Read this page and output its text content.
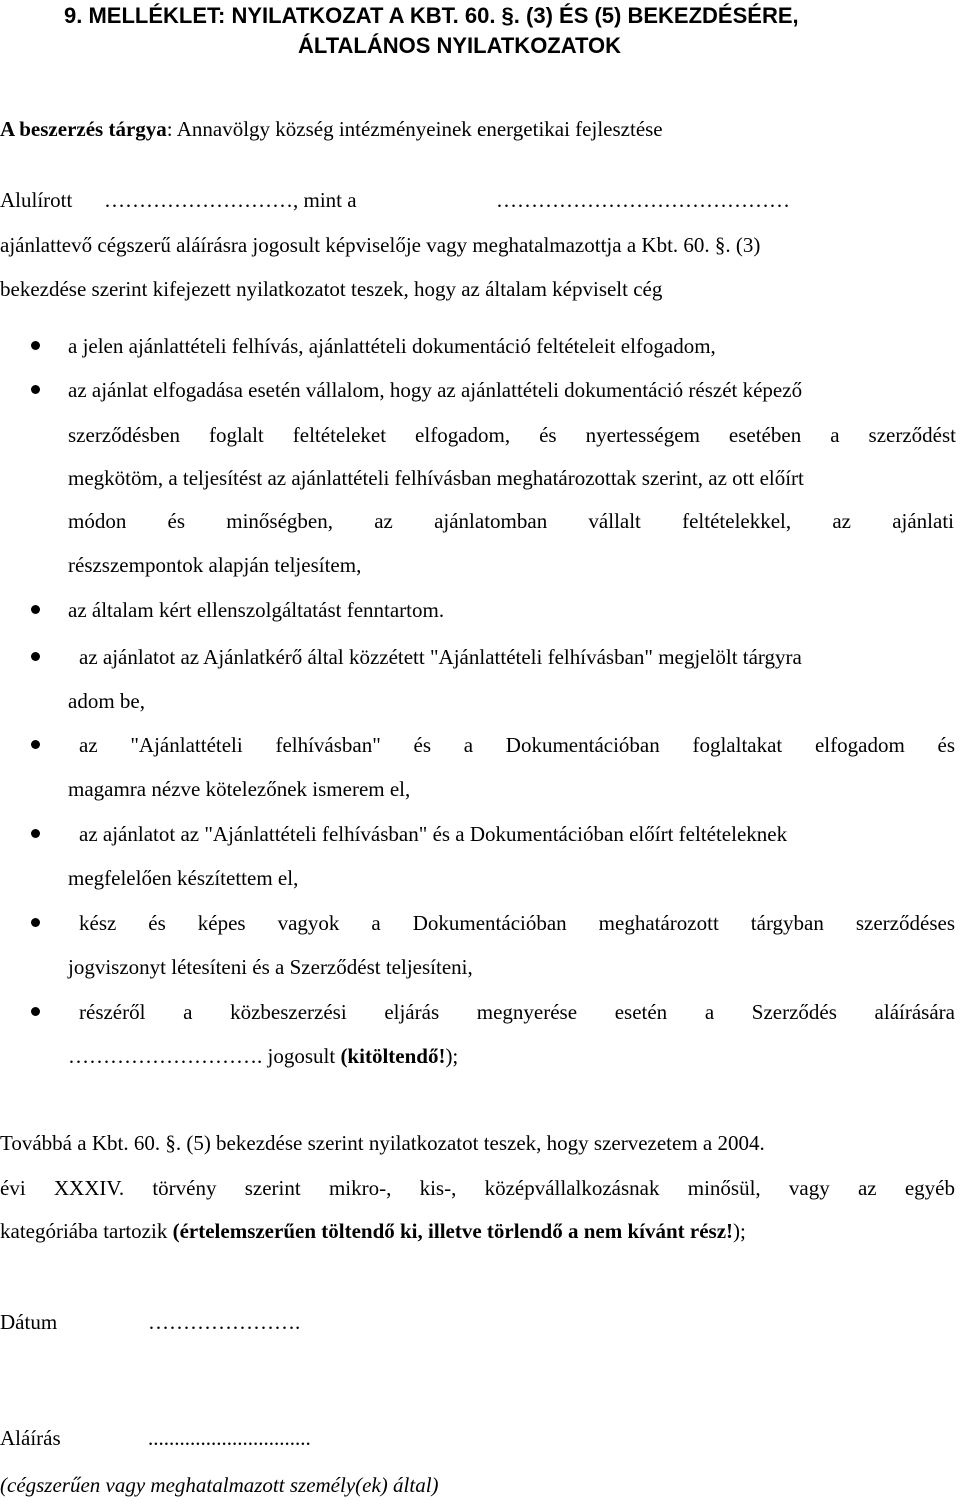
9. MELLÉKLET: NYILATKOZAT A KBT. 60. §. (3) ÉS (5) BEKEZDÉSÉRE,
ÁLTALÁNOS NYILATKOZATOK
A beszerzés tárgya: Annavölgy község intézményeinek energetikai fejlesztése
Alulírott ………………………, mint a	……………………………………
ajánlattevő cégszerű aláírásra jogosult képviselője vagy meghatalmazottja a Kbt. 60. §. (3)
bekezdése szerint kifejezett nyilatkozatot teszek, hogy az általam képviselt cég
a jelen ajánlattételi felhívás, ajánlattételi dokumentáció feltételeit elfogadom,
az ajánlat elfogadása esetén vállalom, hogy az ajánlattételi dokumentáció részét képező
szerződésben foglalt feltételeket elfogadom, és nyertességem esetében a szerződést
megkötöm, a teljesítést az ajánlattételi felhívásban meghatározottak szerint, az ott előírt
módon és minőségben, az ajánlatomban vállalt feltételekkel, az ajánlati
részszempontok alapján teljesítem,
az általam kért ellenszolgáltatást fenntartom.
az ajánlatot az Ajánlatkérő által közzétett "Ajánlattételi felhívásban" megjelölt tárgyra
adom be,
az "Ajánlattételi felhívásban" és a Dokumentációban foglaltakat elfogadom és
magamra nézve kötelezőnek ismerem el,
az ajánlatot az "Ajánlattételi felhívásban" és a Dokumentációban előírt feltételeknek
megfelelően készítettem el,
kész és képes vagyok a Dokumentációban meghatározott tárgyban szerződéses
jogviszonyt létesíteni és a Szerződést teljesíteni,
részéről a közbeszerzési eljárás megnyerése esetén a Szerződés aláírására
………………………. jogosult (kitöltendő!);
Továbbá a Kbt. 60. §. (5) bekezdése szerint nyilatkozatot teszek, hogy szervezetem a 2004.
évi XXXIV. törvény szerint mikro-, kis-, középvállalkozásnak minősül, vagy az egyéb
kategóriába tartozik (értelemszerűen töltendő ki, illetve törlendő a nem kívánt rész!);
Dátum	………………….
Aláírás	...............................
(cégszerűen vagy meghatalmazott személy(ek) által)
